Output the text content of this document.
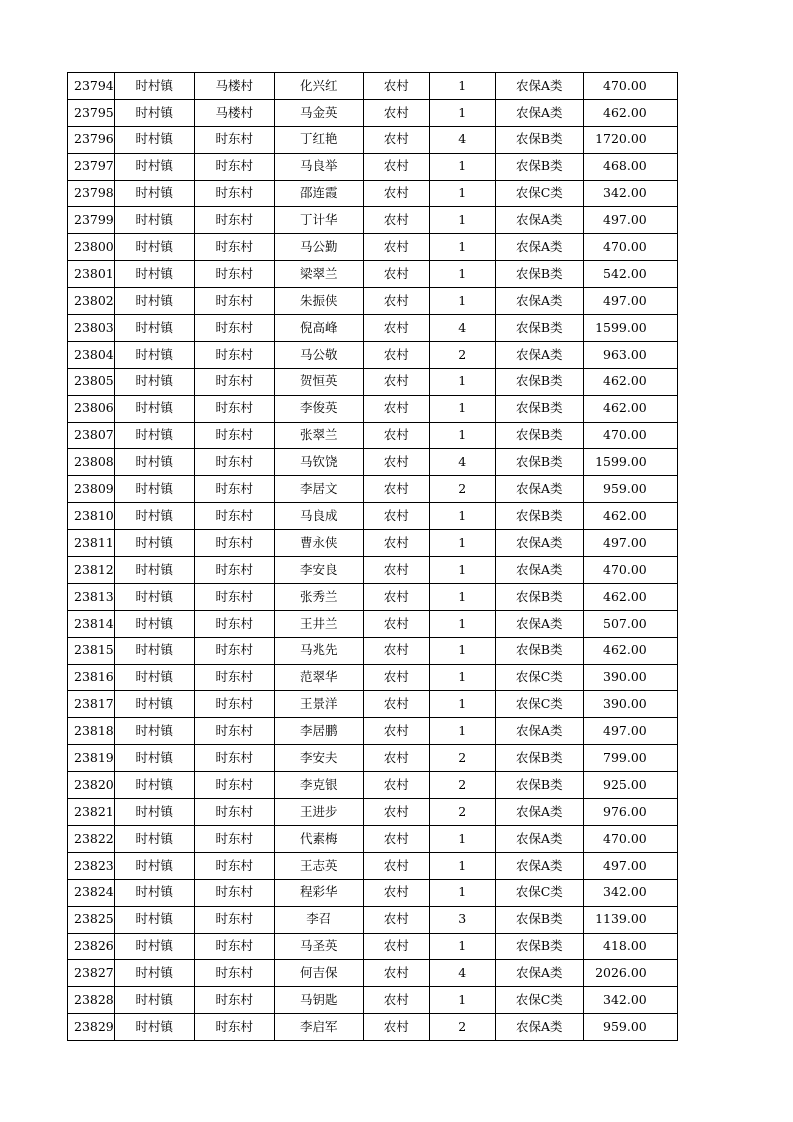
23794	时村镇	马楼村	化兴红	农村	1	农保A类	470.00
23795	时村镇	马楼村	马金英	农村	1	农保A类	462.00
23796	时村镇	时东村	丁红艳	农村	4	农保B类	1720.00
23797	时村镇	时东村	马良举	农村	1	农保B类	468.00
23798	时村镇	时东村	邵连霞	农村	1	农保C类	342.00
23799	时村镇	时东村	丁计华	农村	1	农保A类	497.00
23800	时村镇	时东村	马公勤	农村	1	农保A类	470.00
23801	时村镇	时东村	梁翠兰	农村	1	农保B类	542.00
23802	时村镇	时东村	朱振侠	农村	1	农保A类	497.00
23803	时村镇	时东村	倪高峰	农村	4	农保B类	1599.00
23804	时村镇	时东村	马公敬	农村	2	农保A类	963.00
23805	时村镇	时东村	贺恒英	农村	1	农保B类	462.00
23806	时村镇	时东村	李俊英	农村	1	农保B类	462.00
23807	时村镇	时东村	张翠兰	农村	1	农保B类	470.00
23808	时村镇	时东村	马钦饶	农村	4	农保B类	1599.00
23809	时村镇	时东村	李居文	农村	2	农保A类	959.00
23810	时村镇	时东村	马良成	农村	1	农保B类	462.00
23811	时村镇	时东村	曹永侠	农村	1	农保A类	497.00
23812	时村镇	时东村	李安良	农村	1	农保A类	470.00
23813	时村镇	时东村	张秀兰	农村	1	农保B类	462.00
23814	时村镇	时东村	王井兰	农村	1	农保A类	507.00
23815	时村镇	时东村	马兆先	农村	1	农保B类	462.00
23816	时村镇	时东村	范翠华	农村	1	农保C类	390.00
23817	时村镇	时东村	王景洋	农村	1	农保C类	390.00
23818	时村镇	时东村	李居鹏	农村	1	农保A类	497.00
23819	时村镇	时东村	李安夫	农村	2	农保B类	799.00
23820	时村镇	时东村	李克银	农村	2	农保B类	925.00
23821	时村镇	时东村	王进步	农村	2	农保A类	976.00
23822	时村镇	时东村	代素梅	农村	1	农保A类	470.00
23823	时村镇	时东村	王志英	农村	1	农保A类	497.00
23824	时村镇	时东村	程彩华	农村	1	农保C类	342.00
23825	时村镇	时东村	李召	农村	3	农保B类	1139.00
23826	时村镇	时东村	马圣英	农村	1	农保B类	418.00
23827	时村镇	时东村	何吉保	农村	4	农保A类	2026.00
23828	时村镇	时东村	马钥匙	农村	1	农保C类	342.00
23829	时村镇	时东村	李启军	农村	2	农保A类	959.00
